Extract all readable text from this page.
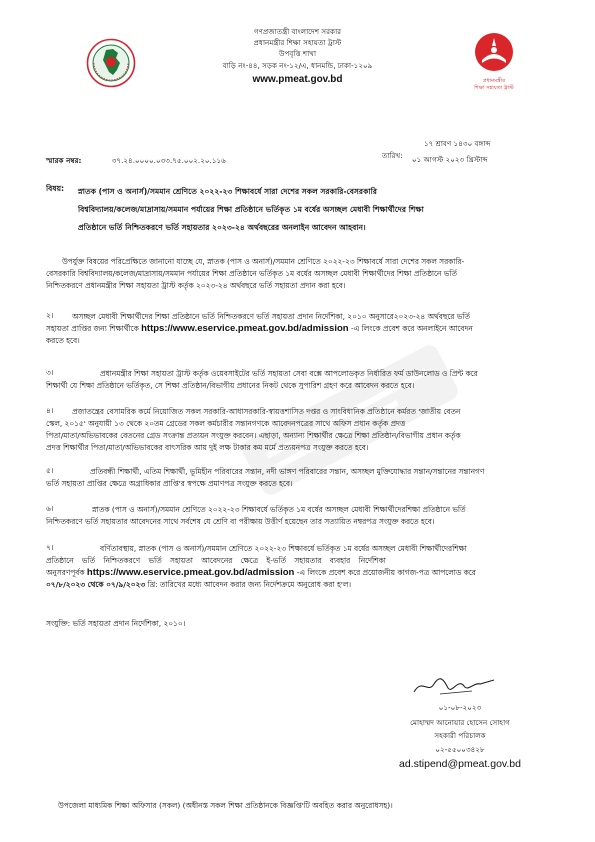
গণপ্রজাতন্ত্রী বাংলাদেশ সরকার
প্রধানমন্ত্রীর শিক্ষা সহায়তা ট্রাস্ট
উপবৃত্তি শাখা
বাড়ি নং-৪৪, সড়ক নং-১২/এ, ধানমন্ডি, ঢাকা-১২০৯
www.pmeat.gov.bd	প্রধানমন্ত্রীর
শিক্ষা সহায়তা ট্রাস্ট
১৭ শ্রাবণ ১৪৩০ বঙ্গাব্দ
তারিখ: ০১ আগস্ট ২০২৩ খ্রিস্টাব্দ
স্মারক নম্বর:	৩৭.২৪.০০০০.০৩৩.৭৫.০০২.২০.১১৬
বিষয়: স্নাতক (পাস ও অনার্স)/সমমান শ্রেণিতে ২০২২-২৩ শিক্ষাবর্ষে সারা দেশের সকল সরকারি-বেসরকারি
বিশ্ববিদ্যালয়/কলেজ/মাদ্রাসায়/সমমান পর্যায়ের শিক্ষা প্রতিষ্ঠানে ভর্তিকৃত ১ম বর্ষের অসচ্ছল মেধাবী শিক্ষার্থীদের শিক্ষা
প্রতিষ্ঠানে ভর্তি নিশ্চিতকরণে ভর্তি সহায়তার ২০২৩-২৪ অর্থবছরের অনলাইন আবেদন আহবান।
উপর্যুক্ত বিষয়ের পরিপ্রেক্ষিতে জানানো যাচ্ছে যে, স্নাতক (পাস ও অনার্স)/সমমান শ্রেণিতে ২০২২-২৩ শিক্ষাবর্ষে সারা দেশের সকল সরকারি-
বেসরকারি বিশ্ববিদ্যালয়/কলেজ/মাদ্রাসায়/সমমান পর্যায়ের শিক্ষা প্রতিষ্ঠানে ভর্তিকৃত ১ম বর্ষের অসচ্ছল মেধাবী শিক্ষার্থীদের শিক্ষা প্রতিষ্ঠানে ভর্তি
নিশ্চিতকরণে প্রধানমন্ত্রীর শিক্ষা সহায়তা ট্রাস্ট কর্তৃক ২০২৩-২৪ অর্থবছরে ভর্তি সহায়তা প্রদান করা হবে।
২।	অসচ্ছল মেধাবী শিক্ষার্থীদের শিক্ষা প্রতিষ্ঠানে ভর্তি নিশ্চিতকরণে ভর্তি সহায়তা প্রদান নির্দেশিকা, ২০১০ অনুসারে২০২৩-২৪ অর্থবছরে ভর্তি
সহায়তা প্রাপ্তির জন্য শিক্ষার্থীকে https://www.eservice.pmeat.gov.bd/admission -এ লিংকে প্রবেশ করে অনলাইনে আবেদন
করতে হবে।
৩।	প্রধানমন্ত্রীর শিক্ষা সহায়তা ট্রাস্ট কর্তৃক ওয়েবসাইটের ভর্তি সহায়তা সেবা বক্সে আপলোডকৃত নির্ধারিত ফর্ম ডাউনলোড ও প্রিন্ট করে
শিক্ষার্থী যে শিক্ষা প্রতিষ্ঠানে ভর্তিকৃত, সে শিক্ষা প্রতিষ্ঠান/বিভাগীয় প্রধানের নিকট থেকে সুপারিশ গ্রহণ করে আবেদন করতে হবে।
৪।	প্রজাতন্ত্রের বেসামরিক কর্মে নিয়োজিত সকল সরকারি-আধাসরকারি-স্বায়ত্তশাসিত দপ্তর ও সাংবিধানিক প্রতিষ্ঠানে কর্মরত 'জাতীয় বেতন
স্কেল, ২০১৫' অনুযায়ী ১৩ থেকে ২০তম গ্রেডের সকল কর্মচারীর সন্তানগণকে আবেদনপত্রের সাথে অফিস প্রধান কর্তৃক প্রদত্ত
পিতা/মাতা/অভিভাবকের বেতনের গ্রেড সংক্রান্ত প্রত্যয়ন সংযুক্ত করবেন। এছাড়া, অন্যান্য শিক্ষার্থীর ক্ষেত্রে শিক্ষা প্রতিষ্ঠান/বিভাগীয় প্রধান কর্তৃক
প্রদত্ত শিক্ষার্থীর পিতা/মাতা/অভিভাবকের বাৎসরিক আয় দুই লক্ষ টাকার কম মর্মে প্রত্যয়নপত্র সংযুক্ত করতে হবে।
৫।	প্রতিবন্ধী শিক্ষার্থী, এতিম শিক্ষার্থী, ভূমিহীন পরিবারের সন্তান, নদী ভাঙ্গণ পরিবারের সন্তান, অসচ্ছল মুক্তিযোদ্ধার সন্তান/সন্তানের সন্তানগণ
ভর্তি সহায়তা প্রাপ্তির ক্ষেত্রে অগ্রাধিকার প্রাপ্তি'র স্বপক্ষে প্রমাণপত্র সংযুক্ত করতে হবে।
৬।	স্নাতক (পাস ও অনার্স)/সমমান শ্রেণিতে ২০২২-২৩ শিক্ষাবর্ষে ভর্তিকৃত ১ম বর্ষের অসচ্ছল মেধাবী শিক্ষার্থীদেরশিক্ষা প্রতিষ্ঠানে ভর্তি
নিশ্চিতকরণে ভর্তি সহায়তার আবেদনের সাথে সর্বশেষ যে শ্রেণি বা পরীক্ষায় উত্তীর্ণ হয়েছেন তার সত্যায়িত নম্বরপত্র সংযুক্ত করতে হবে।
৭।	বর্ণিতাবস্থায়, স্নাতক (পাস ও অনার্স)/সমমান শ্রেণিতে ২০২২-২৩ শিক্ষাবর্ষে ভর্তিকৃত ১ম বর্ষের অসচ্ছল মেধাবী শিক্ষার্থীদেরশিক্ষা
প্রতিষ্ঠানে ভর্তি নিশ্চিতকরণে ভর্তি সহায়তা আবেদনের ক্ষেত্রে ই-ভর্তি সহায়তার ব্যবহার নির্দেশিকা
অনুসরণপূর্বক https://www.eservice.pmeat.gov.bd/admission -এ লিংকে প্রবেশ করে প্রয়োজনীয় কাগজ-পত্র আপলোড করে
০৭/৮/২০২৩ থেকে ০৭/৯/২০২৩ খ্রি: তারিখের মধ্যে আবেদন করার জন্য নির্দেশক্রমে অনুরোধ করা হ'ল।
সংযুক্তি: ভর্তি সহায়তা প্রদান নির্দেশিকা, ২০১০।
০১-০৮-২০২৩
মোহাম্মদ আনোয়ার হোসেন সোহাগ
সহকারী পরিচালক
০২-৫৫০০৩৪২৮
ad.stipend@pmeat.gov.bd
উপজেলা মাধ্যমিক শিক্ষা অফিসার (সকল) (অধীনস্ত সকল শিক্ষা প্রতিষ্ঠানকে বিজ্ঞপ্তি'টি অবহিত করার অনুরোধসহ)।
